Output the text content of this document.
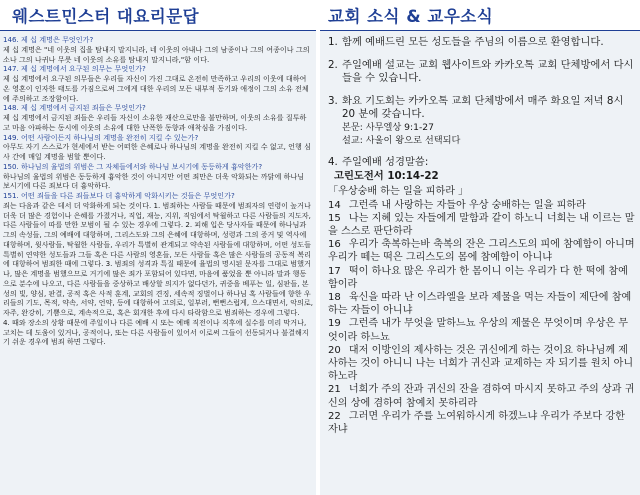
웨스트민스터 대요리문답
146. 제 십 계명은 무엇인가?
제 십 계명은 "네 이웃의 집을 탐내지 말지니라, 네 이웃의 아내나 그의 남종이나 그의 여종이나 그의 소나 그의 나귀나 무릇 네 이웃의 소유를 탐내지 말지니라,"함 이다.
147. 제 십 계명에서 요구된 의무는 무엇인가?
제 십 계명에서 요구된 의무들은 우리들 자신이 가진 그대로 온전히 만족하고 우리의 이웃에 대하여 온 영혼이 인자한 태도를 가짐으로써 그에게 대한 우리의 모든 내부적 동기와 애정이 그의 소유 전체에 주의하고 조장함이다.
148. 제 십 계명에서 금지된 죄들은 무엇인가?
제 십 계명에서 금지된 죄들은 우리들 자신이 소유한 재산으로만을 불만하며, 이웃의 소유를 질투하고 마음 아파하는 동시에 이웃의 소유에 대한 난폭한 동향과 애착심을 가짐이다.
149. 어떤 사람이든지 하나님의 계명을 완전히 지킬 수 있는가?
아무도 자기 스스로가 현세에서 받는 어떠한 은혜로나 하나님의 계명을 완전히 지킬 수 없고, 언행 심사 간에 매일 계명을 범할 뿐이다.
150. 하나님의 율법의 위범은 그 자체들에서와 하나님 보시기에 동등하게 흉악한가?
하나님의 율법의 위범은 동등하게 흉악한 것이 아니지만 어떤 죄만은 더욱 악화되는 까닭에 하나님 보시기에 다른 죄보다 더 흉악하다.
151. 어떤 죄들을 다른 죄들보다 더 흉악하게 악화시키는 것들은 무엇인가?
죄는 다음과 같은 데서 더 악화하게 되는 것이다. 1. 범죄하는 사람들 때문에 범죄자의 연령이 높거나 더욱 더 많은 경험이나 은혜를 가졌거나, 직업, 재능, 지위, 직임에서 탁월하고 다른 사람들의 지도자, 다른 사람들이 따를 만한 모범이 될 수 있는 경우에 그렇다. 2. 피해 입은 당사자들 때문에 하나님과 그의 속성들, 그의 예배에 대항하며, 그리스도와 그의 은혜에 대항하며, 성령과 그의 증거 및 역사에 대항하며, 윗사람들, 탁월한 사람들, 우리가 특별히 관계되고 약속된 사람들에 대항하며, 어떤 성도들 특별히 연약한 성도들과 그들 혹은 다른 사람의 영혼들, 모든 사람들 혹은 많은 사람들의 공동적 복리에 대항하여 범죄한 때에 그렇다. 3. 범죄의 성격과 특질 때문에 율법의 명시된 문자를 그대로 범했거나, 많은 계명을 범했으므로 거기에 많은 죄가 포함되어 있다면, 마음에 품었을 뿐 아니라 말과 행동으로 분수에 나오고, 다른 사람들을 중상하고 배상할 의지가 없다던가, 귀중을 베푸는 일, 심판들, 본성의 빛, 양심, 판결, 공적 혹은 사적 훈계, 교회의 견징, 세속적 징벌이나 하나님 혹 사람들에 향한 우리들의 기도, 목적, 약속, 서약, 언약, 등에 대항하여 고의로, 일부러, 뻔뻔스럽게, 으스대면서, 악의로, 자주, 완강히, 기쁨으로, 계속적으로, 혹은 회개한 후에 다시 타락함으로 범죄하는 경우에 그렇다.
4. 때와 장소의 상황 때문에 주일이나 다른 예배 시 또는 예배 직전이나 직후에 실수를 미리 막거나, 고치는 데 도움이 있거나, 공적이나, 또는 다른 사람들이 있어서 이로써 그들이 선동되거나 불결해지기 쉬운 경우에 범죄 하면 그렇다.
교회 소식 & 교우소식
1. 함께 예배드린 모든 성도들을 주님의 이름으로 환영합니다.
2. 주일예배 설교는 교회 웹사이트와 카카오톡 교회 단체방에서 다시 들을 수 있습니다.
3. 화요 기도회는 카카오톡 교회 단체방에서 매주 화요일 저녁 8시 20 분에 갖습니다.
본문: 사무엘상 9:1-27
설교: 사울이 왕으로 선택되다
4. 주일예배 성경말씀:
고린도전서 10:14-22
「우상숭배 하는 일을 피하라 」
14 그런즉 내 사랑하는 자들아 우상 숭배하는 일을 피하라
15 나는 지혜 있는 자들에게 말함과 같이 하노니 너희는 내 이르는 말을 스스로 판단하라
16 우리가 축복하는바 축복의 잔은 그리스도의 피에 참예함이 아니며 우리가 떼는 떡은 그리스도의 몸에 참예함이 아니냐
17 떡이 하나요 많은 우리가 한 몸이니 이는 우리가 다 한 떡에 참예함이라
18 육신을 따라 난 이스라엘을 보라 제물을 먹는 자들이 제단에 참예하는 자들이 아니냐
19 그런즉 내가 무엇을 말하느뇨 우상의 제물은 무엇이며 우상은 무엇이라 하느뇨
20 대저 이방인의 제사하는 것은 귀신에게 하는 것이요 하나님께 제사하는 것이 아니니 나는 너희가 귀신과 교제하는 자 되기를 원치 아니하노라
21 너희가 주의 잔과 귀신의 잔을 겸하여 마시지 못하고 주의 상과 귀신의 상에 겸하여 참예치 못하리라
22 그러면 우리가 주를 노여워하시게 하겠느냐 우리가 주보다 강한 자냐
